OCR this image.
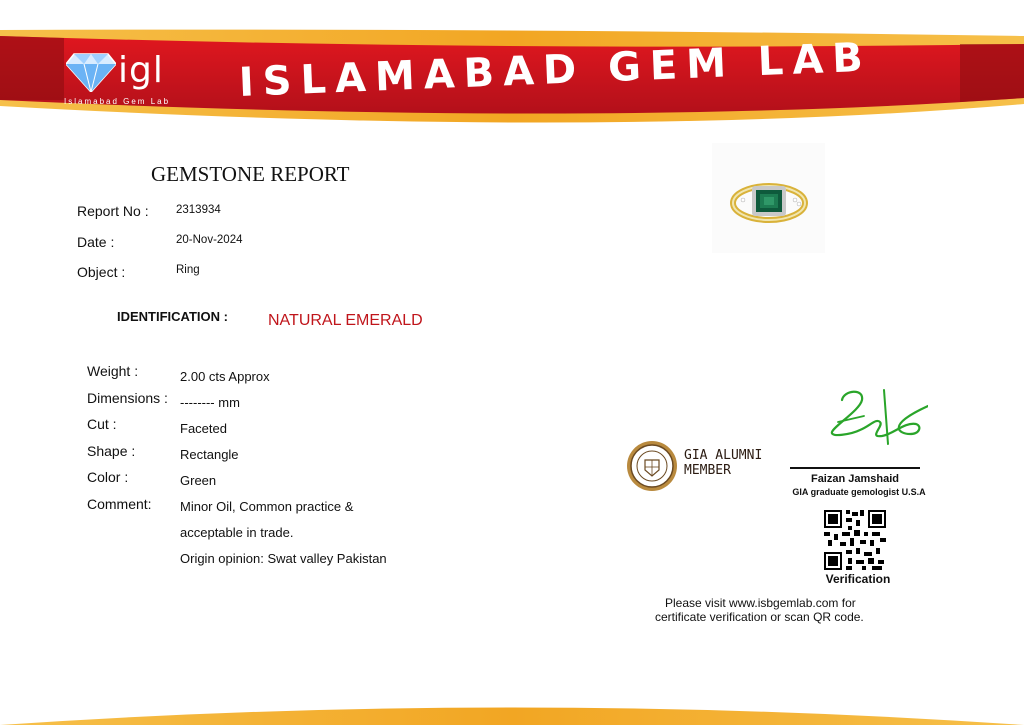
igl
Islamabad Gem Lab ISLAMABAD GEM LAB
GEMSTONE REPORT
Report No : 2313934
Date :	20-Nov-2024
Object :	Ring
IDENTIFICATION :	NATURAL EMERALD
Weight :	2.00 cts Approx
Dimensions : -------- mm
Cut :	Faceted
Shape :	Rectangle
Color :	Green
Comment: Minor Oil, Common practice &
acceptable in trade.
Origin opinion: Swat valley Pakistan
GIA ALUMNI
MEMBER
Faizan Jamshaid
GIA graduate gemologist U.S.A
Verification
Please visit www.isbgemlab.com for
certificate verification or scan QR code.
